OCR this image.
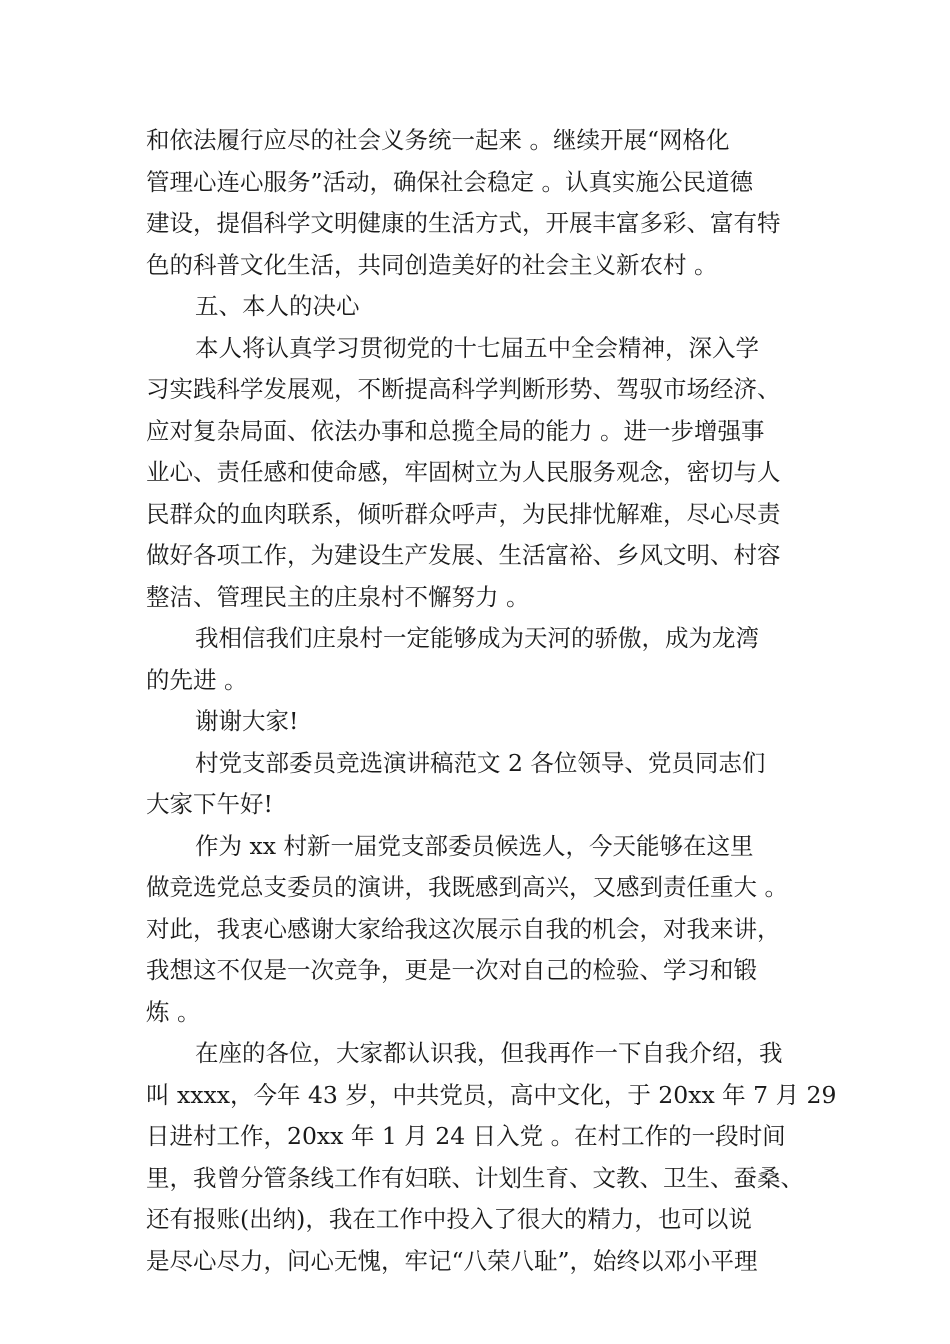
和依法履行应尽的社会义务统一起来 。继续开展“网格化
管理心连心服务”活动，确保社会稳定 。认真实施公民道德
建设，提倡科学文明健康的生活方式，开展丰富多彩、富有特
色的科普文化生活，共同创造美好的社会主义新农村 。
五、本人的决心
本人将认真学习贯彻党的十七届五中全会精神，深入学
习实践科学发展观，不断提高科学判断形势、驾驭市场经济、
应对复杂局面、依法办事和总揽全局的能力 。进一步增强事
业心、责任感和使命感，牢固树立为人民服务观念，密切与人
民群众的血肉联系，倾听群众呼声，为民排忧解难，尽心尽责
做好各项工作，为建设生产发展、生活富裕、乡风文明、村容
整洁、管理民主的庄泉村不懈努力 。
我相信我们庄泉村一定能够成为天河的骄傲，成为龙湾
的先进 。
谢谢大家!
村党支部委员竞选演讲稿范文 2 各位领导、党员同志们
大家下午好!
作为 xx 村新一届党支部委员候选人，今天能够在这里
做竞选党总支委员的演讲，我既感到高兴，又感到责任重大 。
对此，我衷心感谢大家给我这次展示自我的机会，对我来讲，
我想这不仅是一次竞争，更是一次对自己的检验、学习和锻
炼 。
在座的各位，大家都认识我，但我再作一下自我介绍，我
叫 xxxx，今年 43 岁，中共党员，高中文化，于 20xx 年 7 月 29
日进村工作，20xx 年 1 月 24 日入党 。在村工作的一段时间
里，我曾分管条线工作有妇联、计划生育、文教、卫生、蚕桑、
还有报账(出纳)，我在工作中投入了很大的精力，也可以说
是尽心尽力，问心无愧，牢记“八荣八耻”，始终以邓小平理
